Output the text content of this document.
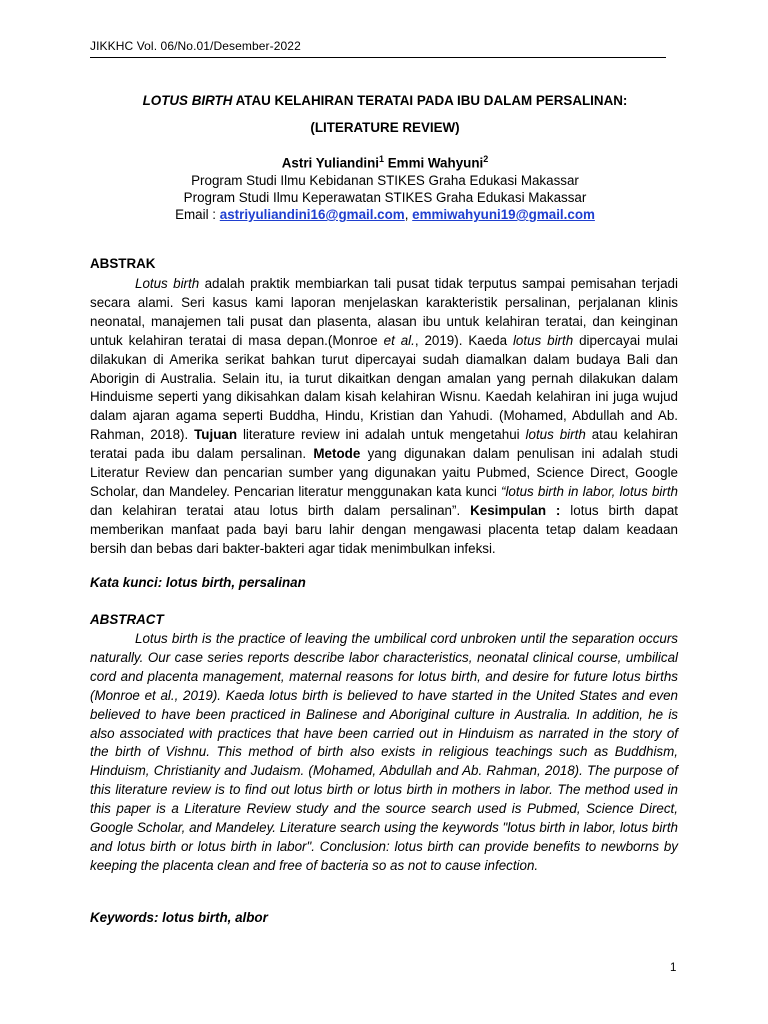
JIKKHC Vol. 06/No.01/Desember-2022
LOTUS BIRTH ATAU KELAHIRAN TERATAI PADA IBU DALAM PERSALINAN:
(LITERATURE REVIEW)
Astri Yuliandini$^1$ Emmi Wahyuni$^2$
Program Studi Ilmu Kebidanan STIKES Graha Edukasi Makassar
Program Studi Ilmu Keperawatan STIKES Graha Edukasi Makassar
Email : astriyuliandini16@gmail.com, emmiwahyuni19@gmail.com
ABSTRAK
Lotus birth adalah praktik membiarkan tali pusat tidak terputus sampai pemisahan terjadi secara alami. Seri kasus kami laporan menjelaskan karakteristik persalinan, perjalanan klinis neonatal, manajemen tali pusat dan plasenta, alasan ibu untuk kelahiran teratai, dan keinginan untuk kelahiran teratai di masa depan.(Monroe et al., 2019). Kaeda lotus birth dipercayai mulai dilakukan di Amerika serikat bahkan turut dipercayai sudah diamalkan dalam budaya Bali dan Aborigin di Australia. Selain itu, ia turut dikaitkan dengan amalan yang pernah dilakukan dalam Hinduisme seperti yang dikisahkan dalam kisah kelahiran Wisnu. Kaedah kelahiran ini juga wujud dalam ajaran agama seperti Buddha, Hindu, Kristian dan Yahudi. (Mohamed, Abdullah and Ab. Rahman, 2018). Tujuan literature review ini adalah untuk mengetahui lotus birth atau kelahiran teratai pada ibu dalam persalinan. Metode yang digunakan dalam penulisan ini adalah studi Literatur Review dan pencarian sumber yang digunakan yaitu Pubmed, Science Direct, Google Scholar, dan Mandeley. Pencarian literatur menggunakan kata kunci “lotus birth in labor, lotus birth dan kelahiran teratai atau lotus birth dalam persalinan”. Kesimpulan : lotus birth dapat memberikan manfaat pada bayi baru lahir dengan mengawasi placenta tetap dalam keadaan bersih dan bebas dari bakter-bakteri agar tidak menimbulkan infeksi.
Kata kunci: lotus birth, persalinan
ABSTRACT
Lotus birth is the practice of leaving the umbilical cord unbroken until the separation occurs naturally. Our case series reports describe labor characteristics, neonatal clinical course, umbilical cord and placenta management, maternal reasons for lotus birth, and desire for future lotus births (Monroe et al., 2019). Kaeda lotus birth is believed to have started in the United States and even believed to have been practiced in Balinese and Aboriginal culture in Australia. In addition, he is also associated with practices that have been carried out in Hinduism as narrated in the story of the birth of Vishnu. This method of birth also exists in religious teachings such as Buddhism, Hinduism, Christianity and Judaism. (Mohamed, Abdullah and Ab. Rahman, 2018). The purpose of this literature review is to find out lotus birth or lotus birth in mothers in labor. The method used in this paper is a Literature Review study and the source search used is Pubmed, Science Direct, Google Scholar, and Mandeley. Literature search using the keywords "lotus birth in labor, lotus birth and lotus birth or lotus birth in labor". Conclusion: lotus birth can provide benefits to newborns by keeping the placenta clean and free of bacteria so as not to cause infection.
Keywords: lotus birth, albor
1
